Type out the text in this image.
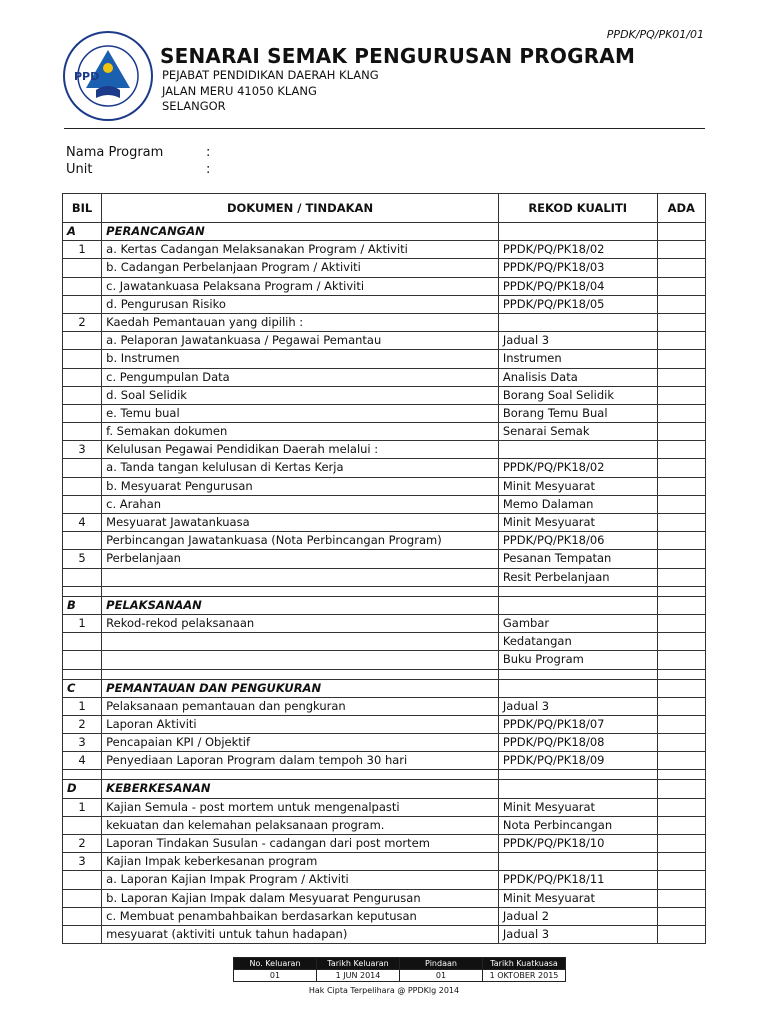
PPDK/PQ/PK01/01
PPD
SENARAI SEMAK PENGURUSAN PROGRAM
PEJABAT PENDIDIKAN DAERAH KLANG
JALAN MERU 41050 KLANG
SELANGOR
Nama Program	:
Unit	:
BIL	DOKUMEN / TINDAKAN	REKOD KUALITI	ADA
A	PERANCANGAN		
1	a. Kertas Cadangan Melaksanakan Program / Aktiviti	PPDK/PQ/PK18/02	
	b. Cadangan Perbelanjaan Program / Aktiviti	PPDK/PQ/PK18/03	
	c. Jawatankuasa Pelaksana Program / Aktiviti	PPDK/PQ/PK18/04	
	d. Pengurusan Risiko	PPDK/PQ/PK18/05	
2	Kaedah Pemantauan yang dipilih :		
	a. Pelaporan Jawatankuasa / Pegawai Pemantau	Jadual 3	
	b. Instrumen	Instrumen	
	c. Pengumpulan Data	Analisis Data	
	d. Soal Selidik	Borang Soal Selidik	
	e. Temu bual	Borang Temu Bual	
	f. Semakan dokumen	Senarai Semak	
3	Kelulusan Pegawai Pendidikan Daerah melalui :		
	a. Tanda tangan kelulusan di Kertas Kerja	PPDK/PQ/PK18/02	
	b. Mesyuarat Pengurusan	Minit Mesyuarat	
	c. Arahan	Memo Dalaman	
4	Mesyuarat Jawatankuasa	Minit Mesyuarat	
	Perbincangan Jawatankuasa (Nota Perbincangan Program)	PPDK/PQ/PK18/06	
5	Perbelanjaan	Pesanan Tempatan	
		Resit Perbelanjaan	

B	PELAKSANAAN		
1	Rekod-rekod pelaksanaan	Gambar	
		Kedatangan	
		Buku Program	

C	PEMANTAUAN DAN PENGUKURAN		
1	Pelaksanaan pemantauan dan pengkuran	Jadual 3	
2	Laporan Aktiviti	PPDK/PQ/PK18/07	
3	Pencapaian KPI / Objektif	PPDK/PQ/PK18/08	
4	Penyediaan Laporan Program dalam tempoh 30 hari	PPDK/PQ/PK18/09	

D	KEBERKESANAN		
1	Kajian Semula - post mortem untuk mengenalpasti	Minit Mesyuarat	
	kekuatan dan kelemahan pelaksanaan program.	Nota Perbincangan	
2	Laporan Tindakan Susulan - cadangan dari post mortem	PPDK/PQ/PK18/10	
3	Kajian Impak keberkesanan program		
	a. Laporan Kajian Impak Program / Aktiviti	PPDK/PQ/PK18/11	
	b. Laporan Kajian Impak dalam Mesyuarat Pengurusan	Minit Mesyuarat	
	c. Membuat penambahbaikan berdasarkan keputusan	Jadual 2	
	mesyuarat (aktiviti untuk tahun hadapan)	Jadual 3	
No. Keluaran	Tarikh Keluaran	Pindaan	Tarikh Kuatkuasa
01	1 JUN 2014	01	1 OKTOBER 2015
Hak Cipta Terpelihara @ PPDKlg 2014
